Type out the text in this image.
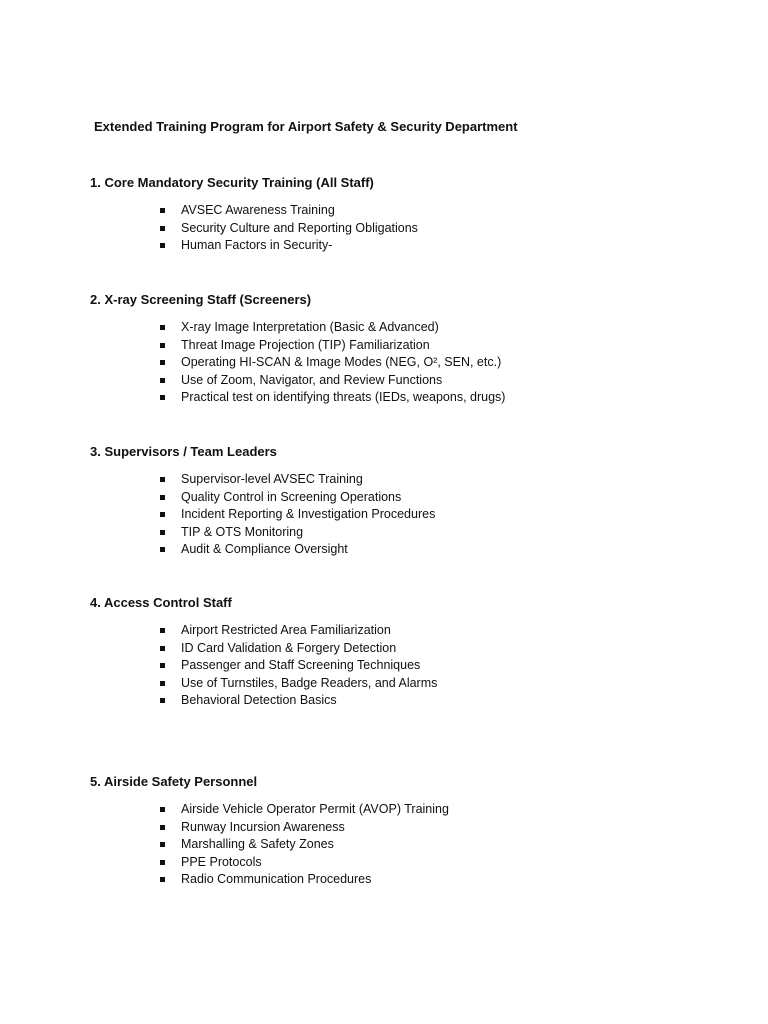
Extended Training Program for Airport Safety & Security Department
1. Core Mandatory Security Training (All Staff)
AVSEC Awareness Training
Security Culture and Reporting Obligations
Human Factors in Security-
2. X-ray Screening Staff (Screeners)
X-ray Image Interpretation (Basic & Advanced)
Threat Image Projection (TIP) Familiarization
Operating HI-SCAN & Image Modes (NEG, O², SEN, etc.)
Use of Zoom, Navigator, and Review Functions
Practical test on identifying threats (IEDs, weapons, drugs)
3. Supervisors / Team Leaders
Supervisor-level AVSEC Training
Quality Control in Screening Operations
Incident Reporting & Investigation Procedures
TIP & OTS Monitoring
Audit & Compliance Oversight
4. Access Control Staff
Airport Restricted Area Familiarization
ID Card Validation & Forgery Detection
Passenger and Staff Screening Techniques
Use of Turnstiles, Badge Readers, and Alarms
Behavioral Detection Basics
5. Airside Safety Personnel
Airside Vehicle Operator Permit (AVOP) Training
Runway Incursion Awareness
Marshalling & Safety Zones
PPE Protocols
Radio Communication Procedures
